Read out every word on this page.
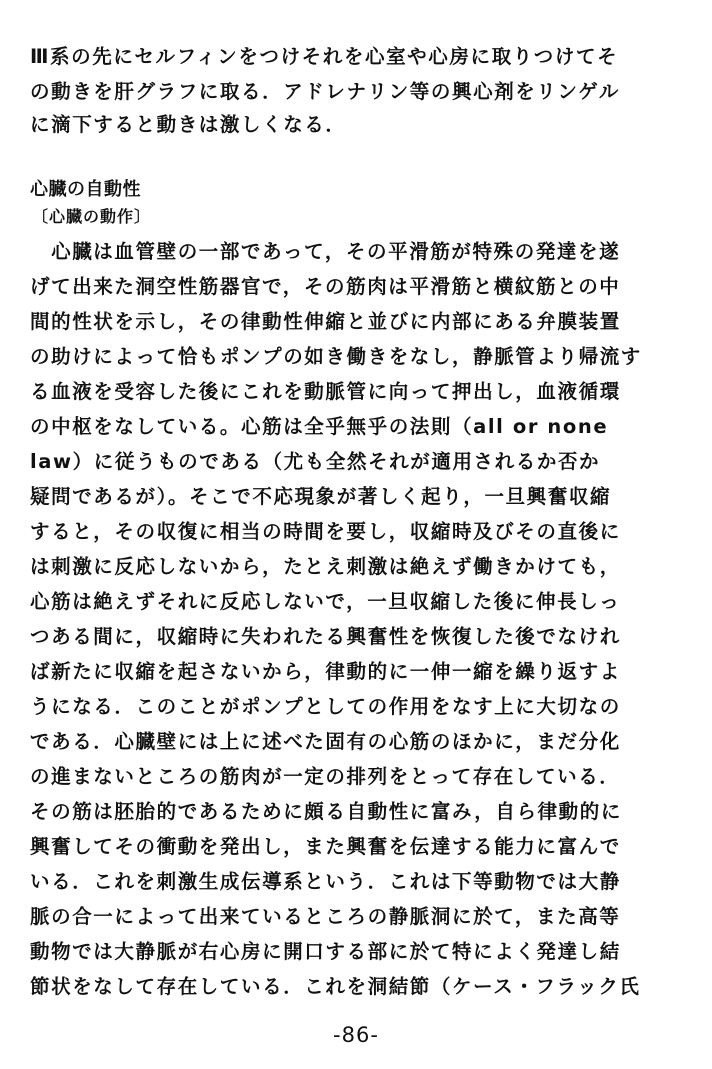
Ⅲ系の先にセルフィンをつけそれを心室や心房に取りつけてそ
の動きを肝グラフに取る．アドレナリン等の興心剤をリンゲル
に滴下すると動きは激しくなる．
心臓の自動性
〔心臓の動作〕
　心臓は血管壁の一部であって，その平滑筋が特殊の発達を遂
げて出来た洞空性筋器官で，その筋肉は平滑筋と横紋筋との中
間的性状を示し，その律動性伸縮と並びに内部にある弁膜装置
の助けによって恰もポンプの如き働きをなし，静脈管より帰流す
る血液を受容した後にこれを動脈管に向って押出し，血液循環
の中枢をなしている。心筋は全乎無乎の法則（all or none
law）に従うものである（尤も全然それが適用されるか否か
疑問であるが）。そこで不応現象が著しく起り，一旦興奮収縮
すると，その収復に相当の時間を要し，収縮時及びその直後に
は刺激に反応しないから，たとえ刺激は絶えず働きかけても，
心筋は絶えずそれに反応しないで，一旦収縮した後に伸長しっ
つある間に，収縮時に失われたる興奮性を恢復した後でなけれ
ば新たに収縮を起さないから，律動的に一伸一縮を繰り返すよ
うになる．このことがポンプとしての作用をなす上に大切なの
である．心臓壁には上に述べた固有の心筋のほかに，まだ分化
の進まないところの筋肉が一定の排列をとって存在している．
その筋は胚胎的であるために頗る自動性に富み，自ら律動的に
興奮してその衝動を発出し，また興奮を伝達する能力に富んで
いる．これを刺激生成伝導系という．これは下等動物では大静
脈の合一によって出来ているところの静脈洞に於て，また高等
動物では大静脈が右心房に開口する部に於て特によく発達し結
節状をなして存在している．これを洞結節（ケース・フラック氏
-86-
